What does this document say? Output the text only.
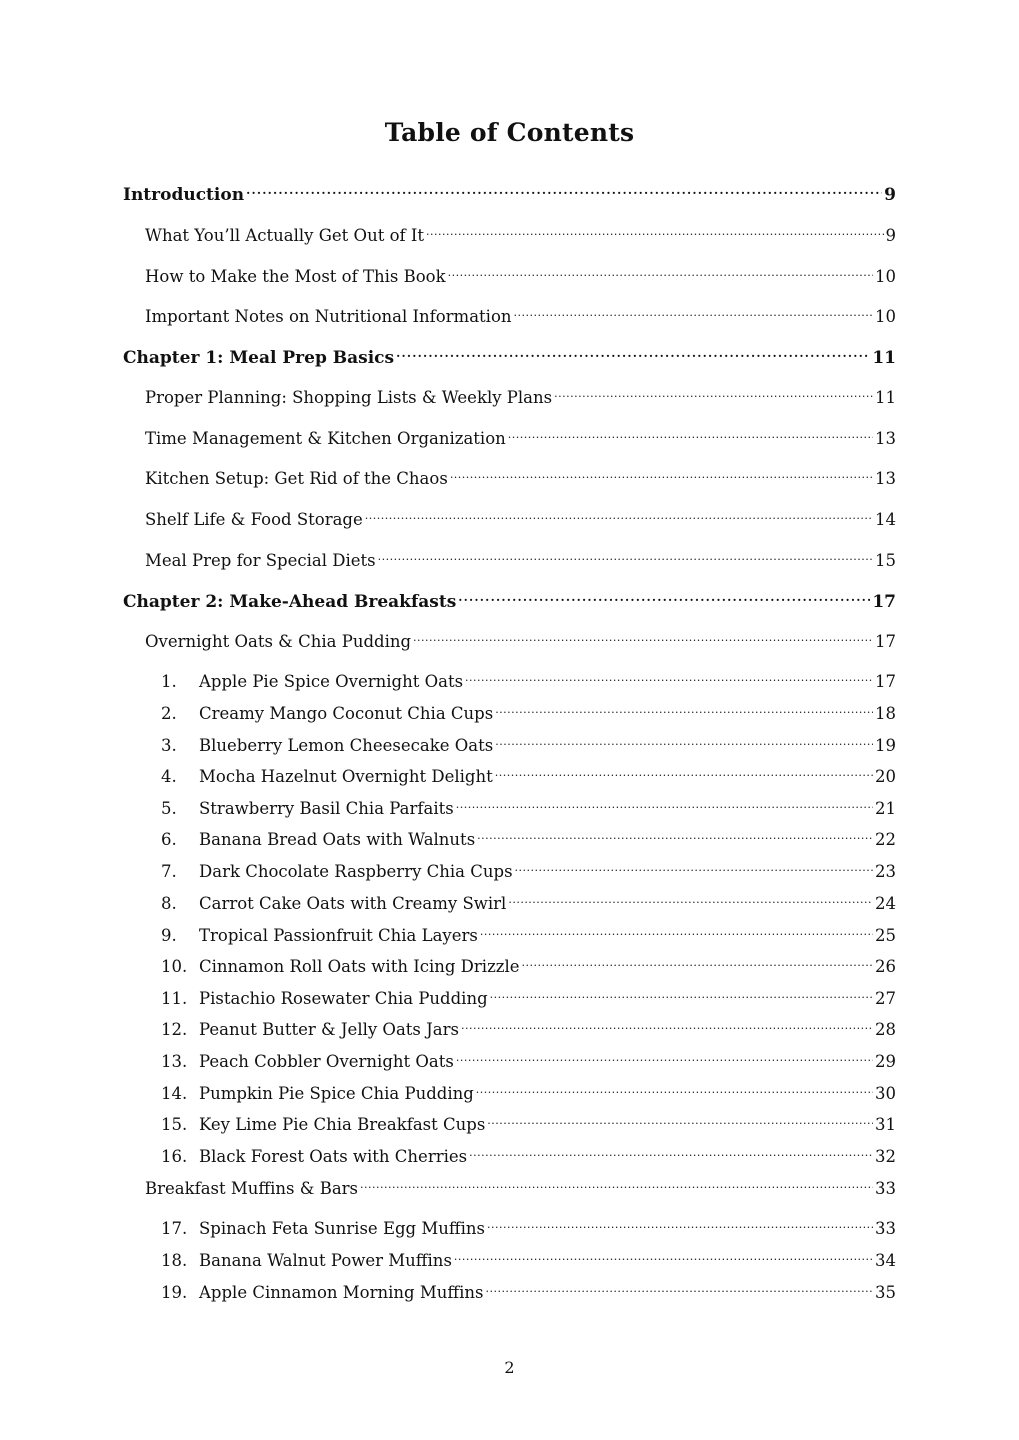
Table of Contents
Introduction .....	9
What You’ll Actually Get Out of It .....	9
How to Make the Most of This Book .....	10
Important Notes on Nutritional Information .....	10
Chapter 1: Meal Prep Basics .....	11
Proper Planning: Shopping Lists & Weekly Plans .....	11
Time Management & Kitchen Organization .....	13
Kitchen Setup: Get Rid of the Chaos .....	13
Shelf Life & Food Storage .....	14
Meal Prep for Special Diets .....	15
Chapter 2: Make-Ahead Breakfasts .....	17
Overnight Oats & Chia Pudding .....	17
1.	Apple Pie Spice Overnight Oats .....	17
2.	Creamy Mango Coconut Chia Cups .....	18
3.	Blueberry Lemon Cheesecake Oats .....	19
4.	Mocha Hazelnut Overnight Delight .....	20
5.	Strawberry Basil Chia Parfaits .....	21
6.	Banana Bread Oats with Walnuts .....	22
7.	Dark Chocolate Raspberry Chia Cups .....	23
8.	Carrot Cake Oats with Creamy Swirl .....	24
9.	Tropical Passionfruit Chia Layers .....	25
10. Cinnamon Roll Oats with Icing Drizzle .....	26
11. Pistachio Rosewater Chia Pudding .....	27
12. Peanut Butter & Jelly Oats Jars .....	28
13. Peach Cobbler Overnight Oats .....	29
14. Pumpkin Pie Spice Chia Pudding .....	30
15. Key Lime Pie Chia Breakfast Cups .....	31
16. Black Forest Oats with Cherries .....	32
Breakfast Muffins & Bars .....	33
17. Spinach Feta Sunrise Egg Muffins .....	33
18. Banana Walnut Power Muffins .....	34
19. Apple Cinnamon Morning Muffins .....	35
2
